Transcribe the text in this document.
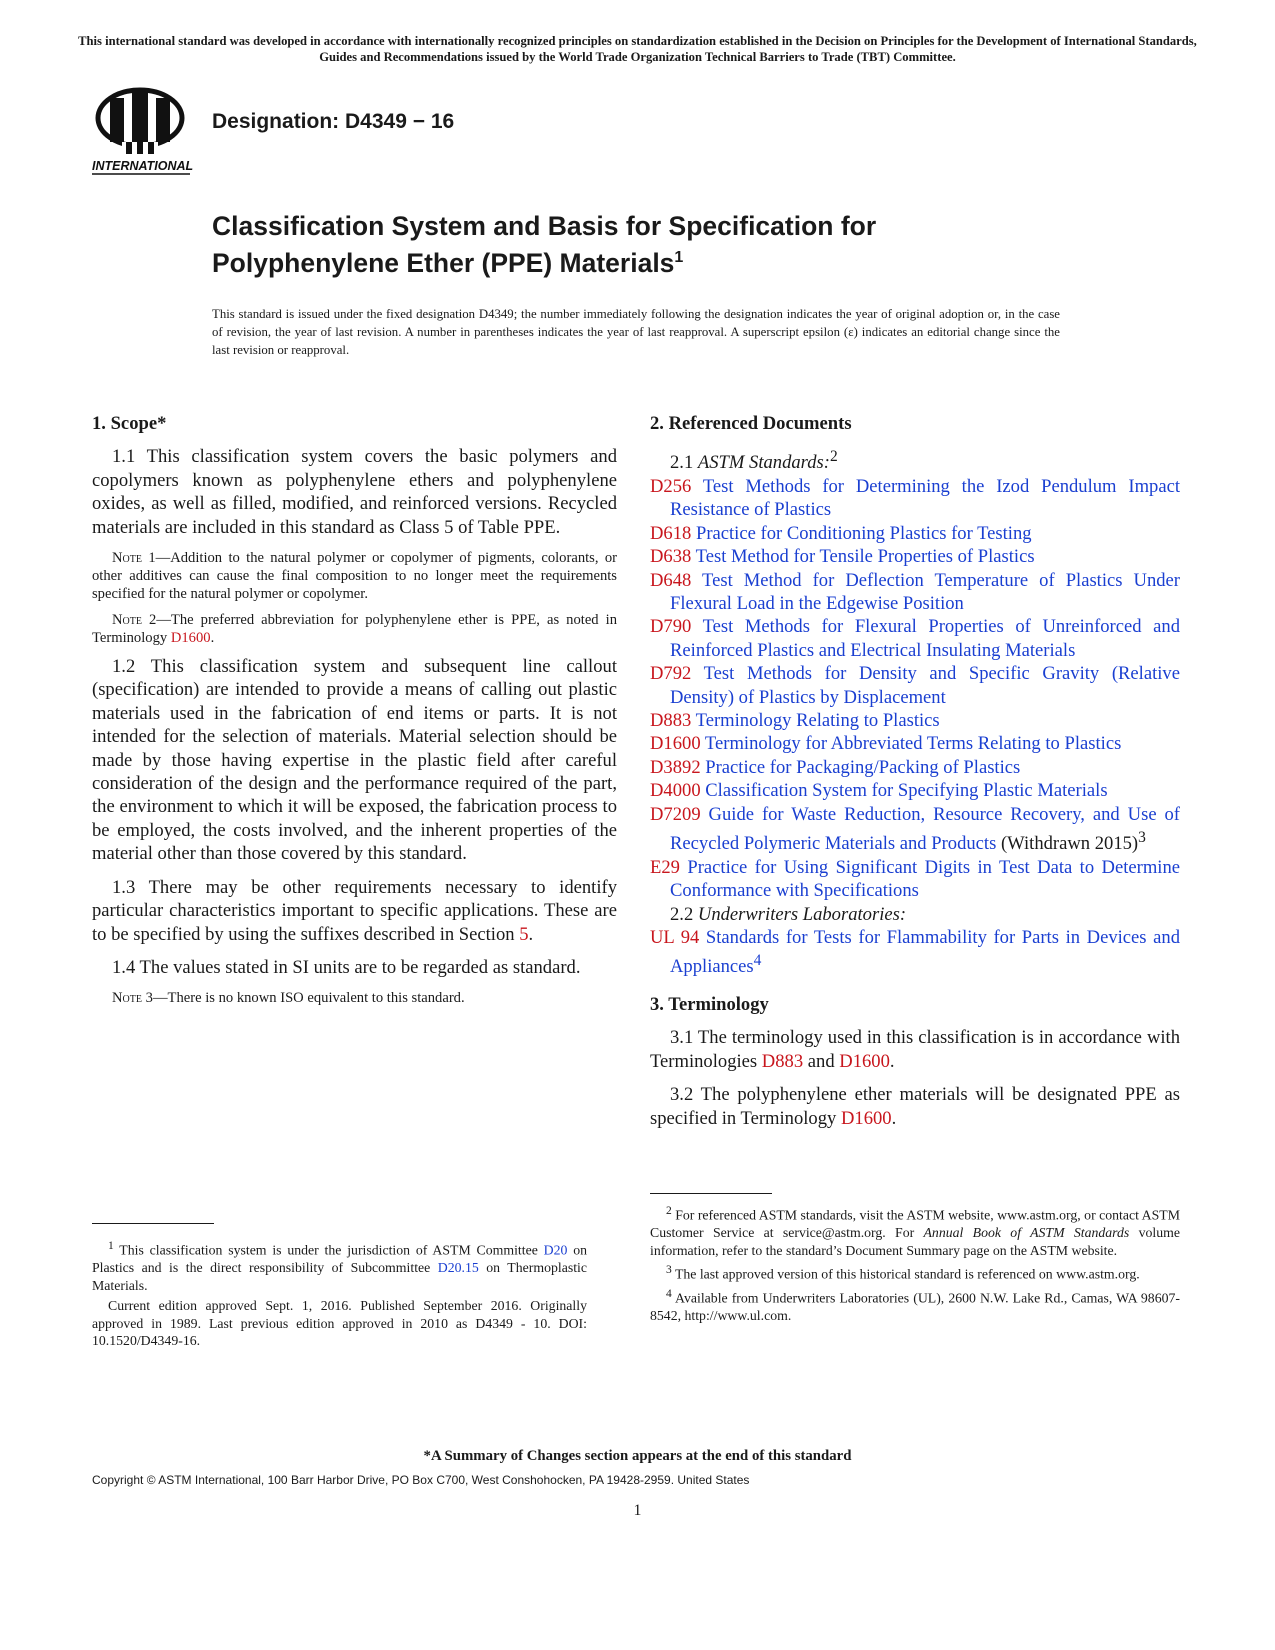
This international standard was developed in accordance with internationally recognized principles on standardization established in the Decision on Principles for the Development of International Standards, Guides and Recommendations issued by the World Trade Organization Technical Barriers to Trade (TBT) Committee.
INTERNATIONAL
Designation: D4349 − 16
Classification System and Basis for Specification for
Polyphenylene Ether (PPE) Materials$^1$
This standard is issued under the fixed designation D4349; the number immediately following the designation indicates the year of original adoption or, in the case of revision, the year of last revision. A number in parentheses indicates the year of last reapproval. A superscript epsilon (ε) indicates an editorial change since the last revision or reapproval.
1. Scope*

1.1 This classification system covers the basic polymers and copolymers known as polyphenylene ethers and polyphenylene oxides, as well as filled, modified, and reinforced versions. Recycled materials are included in this standard as Class 5 of Table PPE.

Note 1—Addition to the natural polymer or copolymer of pigments, colorants, or other additives can cause the final composition to no longer meet the requirements specified for the natural polymer or copolymer.

Note 2—The preferred abbreviation for polyphenylene ether is PPE, as noted in Terminology D1600.

1.2 This classification system and subsequent line callout (specification) are intended to provide a means of calling out plastic materials used in the fabrication of end items or parts. It is not intended for the selection of materials. Material selection should be made by those having expertise in the plastic field after careful consideration of the design and the performance required of the part, the environment to which it will be exposed, the fabrication process to be employed, the costs involved, and the inherent properties of the material other than those covered by this standard.

1.3 There may be other requirements necessary to identify particular characteristics important to specific applications. These are to be specified by using the suffixes described in Section 5.

1.4 The values stated in SI units are to be regarded as standard.

Note 3—There is no known ISO equivalent to this standard.

$^1$ This classification system is under the jurisdiction of ASTM Committee D20 on Plastics and is the direct responsibility of Subcommittee D20.15 on Thermoplastic Materials.

Current edition approved Sept. 1, 2016. Published September 2016. Originally approved in 1989. Last previous edition approved in 2010 as D4349 - 10. DOI: 10.1520/D4349-16.

2. Referenced Documents

2.1 ASTM Standards:$^2$

D256 Test Methods for Determining the Izod Pendulum Impact Resistance of Plastics

D618 Practice for Conditioning Plastics for Testing

D638 Test Method for Tensile Properties of Plastics

D648 Test Method for Deflection Temperature of Plastics Under Flexural Load in the Edgewise Position

D790 Test Methods for Flexural Properties of Unreinforced and Reinforced Plastics and Electrical Insulating Materials

D792 Test Methods for Density and Specific Gravity (Relative Density) of Plastics by Displacement

D883 Terminology Relating to Plastics

D1600 Terminology for Abbreviated Terms Relating to Plastics

D3892 Practice for Packaging/Packing of Plastics

D4000 Classification System for Specifying Plastic Materials

D7209 Guide for Waste Reduction, Resource Recovery, and Use of Recycled Polymeric Materials and Products (Withdrawn 2015)$^3$

E29 Practice for Using Significant Digits in Test Data to Determine Conformance with Specifications

2.2 Underwriters Laboratories:

UL 94 Standards for Tests for Flammability for Parts in Devices and Appliances$^4$

3. Terminology

3.1 The terminology used in this classification is in accordance with Terminologies D883 and D1600.

3.2 The polyphenylene ether materials will be designated PPE as specified in Terminology D1600.

$^2$ For referenced ASTM standards, visit the ASTM website, www.astm.org, or contact ASTM Customer Service at service@astm.org. For Annual Book of ASTM Standards volume information, refer to the standard’s Document Summary page on the ASTM website.

$^3$ The last approved version of this historical standard is referenced on www.astm.org.

$^4$ Available from Underwriters Laboratories (UL), 2600 N.W. Lake Rd., Camas, WA 98607-8542, http://www.ul.com.

*A Summary of Changes section appears at the end of this standard
Copyright © ASTM International, 100 Barr Harbor Drive, PO Box C700, West Conshohocken, PA 19428-2959. United States
1
